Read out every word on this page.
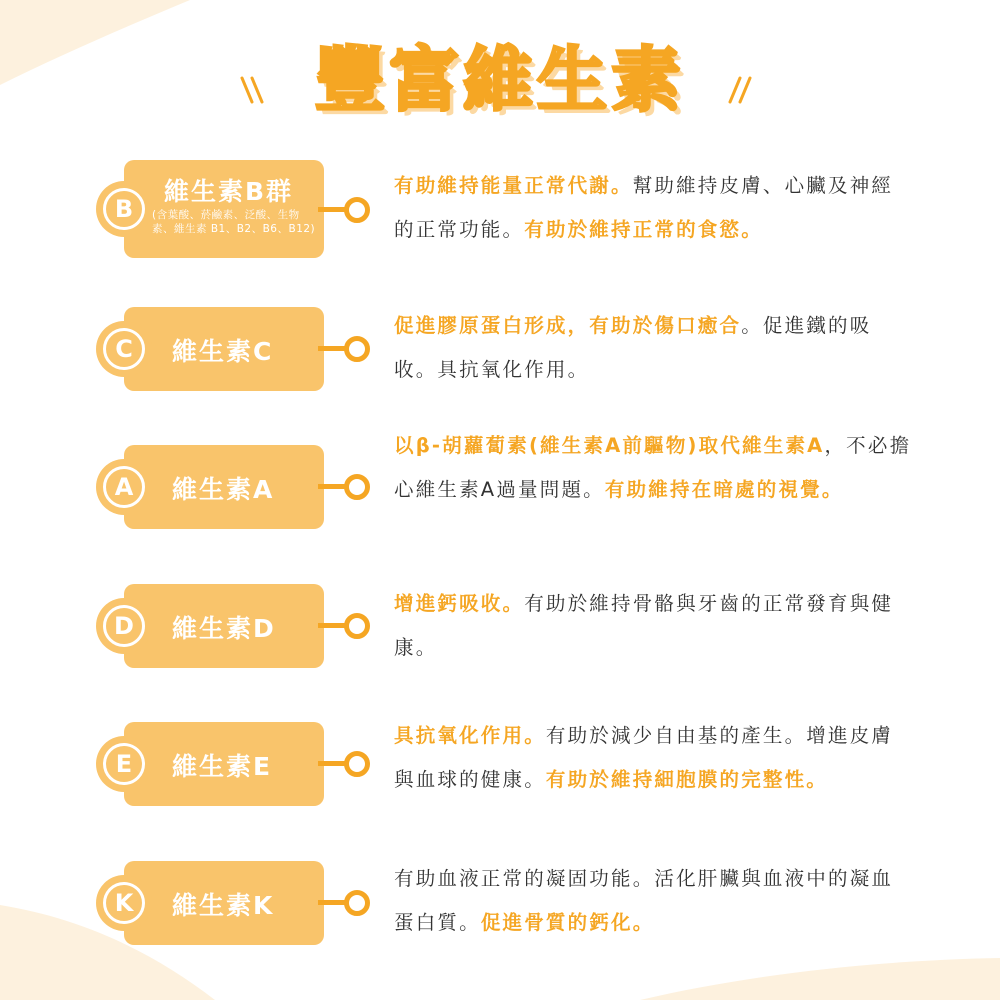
豐富維生素
維生素B群
(含葉酸、菸鹼素、泛酸、生物素、維生素 B1、B2、B6、B12)
B

有助維持能量正常代謝。幫助維持皮膚、心臟及神經的正常功能。有助於維持正常的食慾。

維生素C
C

促進膠原蛋白形成，有助於傷口癒合。促進鐵的吸收。具抗氧化作用。

維生素A
A

以β-胡蘿蔔素(維生素A前驅物)取代維生素A，不必擔心維生素A過量問題。有助維持在暗處的視覺。

維生素D
D

增進鈣吸收。有助於維持骨骼與牙齒的正常發育與健康。

維生素E
E

具抗氧化作用。有助於減少自由基的產生。增進皮膚與血球的健康。有助於維持細胞膜的完整性。

維生素K
K

有助血液正常的凝固功能。活化肝臟與血液中的凝血蛋白質。促進骨質的鈣化。
